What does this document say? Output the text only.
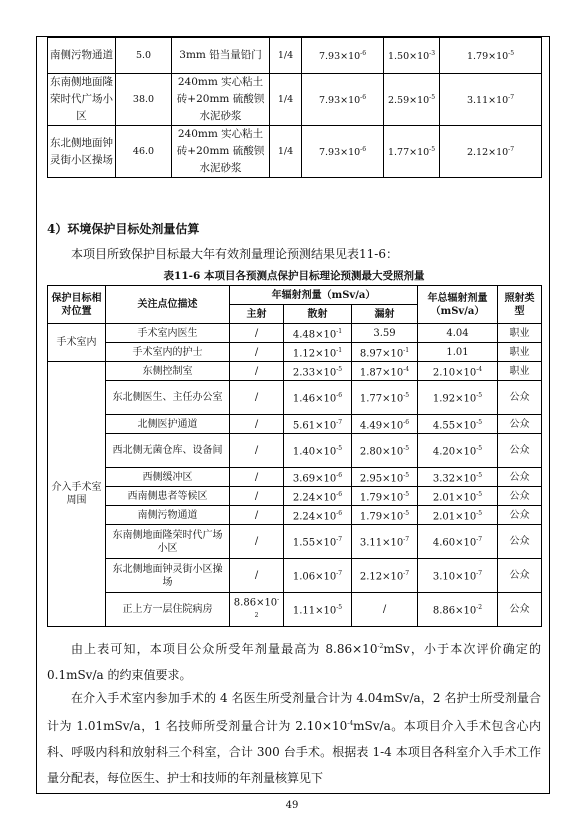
南侧污物通道	5.0	3mm 铅当量铅门	1/4	$7.93\times 10^{-6}$	$1.50\times 10^{-3}$	$1.79\times 10^{-5}$
东南侧地面隆荣时代广场小区	38.0	240mm 实心粘土砖+20mm 硫酸钡水泥砂浆	1/4	$7.93\times 10^{-6}$	$2.59\times 10^{-5}$	$3.11\times 10^{-7}$
东北侧地面钟灵街小区操场	46.0	240mm 实心粘土砖+20mm 硫酸钡水泥砂浆	1/4	$7.93\times 10^{-6}$	$1.77\times 10^{-5}$	$2.12\times 10^{-7}$
4）环境保护目标处剂量估算
本项目所致保护目标最大年有效剂量理论预测结果见表11-6：
表11-6 本项目各预测点保护目标理论预测最大受照剂量
保护目标相对位置	关注点位描述	年辐射剂量（mSv/a）			年总辐射剂量（mSv/a）	照射类型
		主射	散射	漏射		
手术室内	手术室内医生	/	$4.48\times 10^{-1}$	3.59	4.04	职业
	手术室内的护士	/	$1.12\times 10^{-1}$	$8.97\times 10^{-1}$	1.01	职业
介入手术室周围	东侧控制室	/	$2.33\times 10^{-5}$	$1.87\times 10^{-4}$	$2.10\times 10^{-4}$	职业
	东北侧医生、主任办公室	/	$1.46\times 10^{-6}$	$1.77\times 10^{-5}$	$1.92\times 10^{-5}$	公众
	北侧医护通道	/	$5.61\times 10^{-7}$	$4.49\times 10^{-6}$	$4.55\times 10^{-5}$	公众
	西北侧无菌仓库、设备间	/	$1.40\times 10^{-5}$	$2.80\times 10^{-5}$	$4.20\times 10^{-5}$	公众
	西侧缓冲区	/	$3.69\times 10^{-6}$	$2.95\times 10^{-5}$	$3.32\times 10^{-5}$	公众
	西南侧患者等候区	/	$2.24\times 10^{-6}$	$1.79\times 10^{-5}$	$2.01\times 10^{-5}$	公众
	南侧污物通道	/	$2.24\times 10^{-6}$	$1.79\times 10^{-5}$	$2.01\times 10^{-5}$	公众
	东南侧地面隆荣时代广场小区	/	$1.55\times 10^{-7}$	$3.11\times 10^{-7}$	$4.60\times 10^{-7}$	公众
	东北侧地面钟灵街小区操场	/	$1.06\times 10^{-7}$	$2.12\times 10^{-7}$	$3.10\times 10^{-7}$	公众
	正上方一层住院病房	$8.86\times 10^{-2}$	$1.11\times 10^{-5}$	/	$8.86\times 10^{-2}$	公众

由上表可知，本项目公众所受年剂量最高为 $8.86\times 10^{-2}mSv$，小于本次评价确定的 0.1mSv/a 的约束值要求。

在介入手术室内参加手术的 4 名医生所受剂量合计为 4.04mSv/a，2 名护士所受剂量合计为 1.01mSv/a，1 名技师所受剂量合计为 $2.10\times 10^{-4}mSv/a$。本项目介入手术包含心内科、呼吸内科和放射科三个科室，合计 300 台手术。根据表 1-4 本项目各科室介入手术工作量分配表，每位医生、护士和技师的年剂量核算见下

49
